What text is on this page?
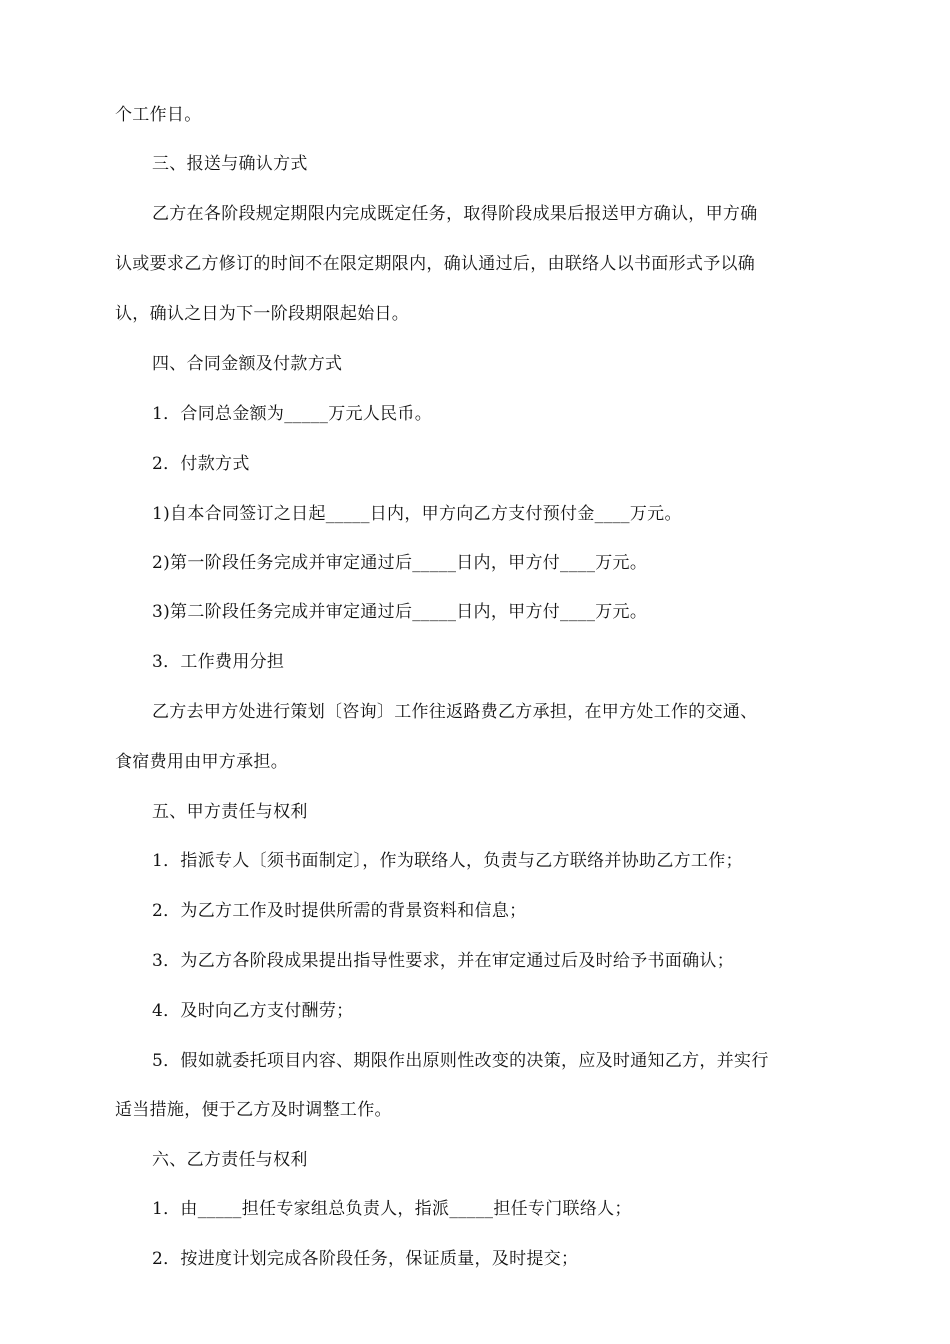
个工作日。
三、报送与确认方式
乙方在各阶段规定期限内完成既定任务，取得阶段成果后报送甲方确认，甲方确
认或要求乙方修订的时间不在限定期限内，确认通过后，由联络人以书面形式予以确
认，确认之日为下一阶段期限起始日。
四、合同金额及付款方式
1．合同总金额为_____万元人民币。
2．付款方式
1)自本合同签订之日起_____日内，甲方向乙方支付预付金____万元。
2)第一阶段任务完成并审定通过后_____日内，甲方付____万元。
3)第二阶段任务完成并审定通过后_____日内，甲方付____万元。
3．工作费用分担
乙方去甲方处进行策划〔咨询〕工作往返路费乙方承担，在甲方处工作的交通、
食宿费用由甲方承担。
五、甲方责任与权利
1．指派专人〔须书面制定〕，作为联络人，负责与乙方联络并协助乙方工作；
2．为乙方工作及时提供所需的背景资料和信息；
3．为乙方各阶段成果提出指导性要求，并在审定通过后及时给予书面确认；
4．及时向乙方支付酬劳；
5．假如就委托项目内容、期限作出原则性改变的决策，应及时通知乙方，并实行
适当措施，便于乙方及时调整工作。
六、乙方责任与权利
1．由_____担任专家组总负责人，指派_____担任专门联络人；
2．按进度计划完成各阶段任务，保证质量，及时提交；
